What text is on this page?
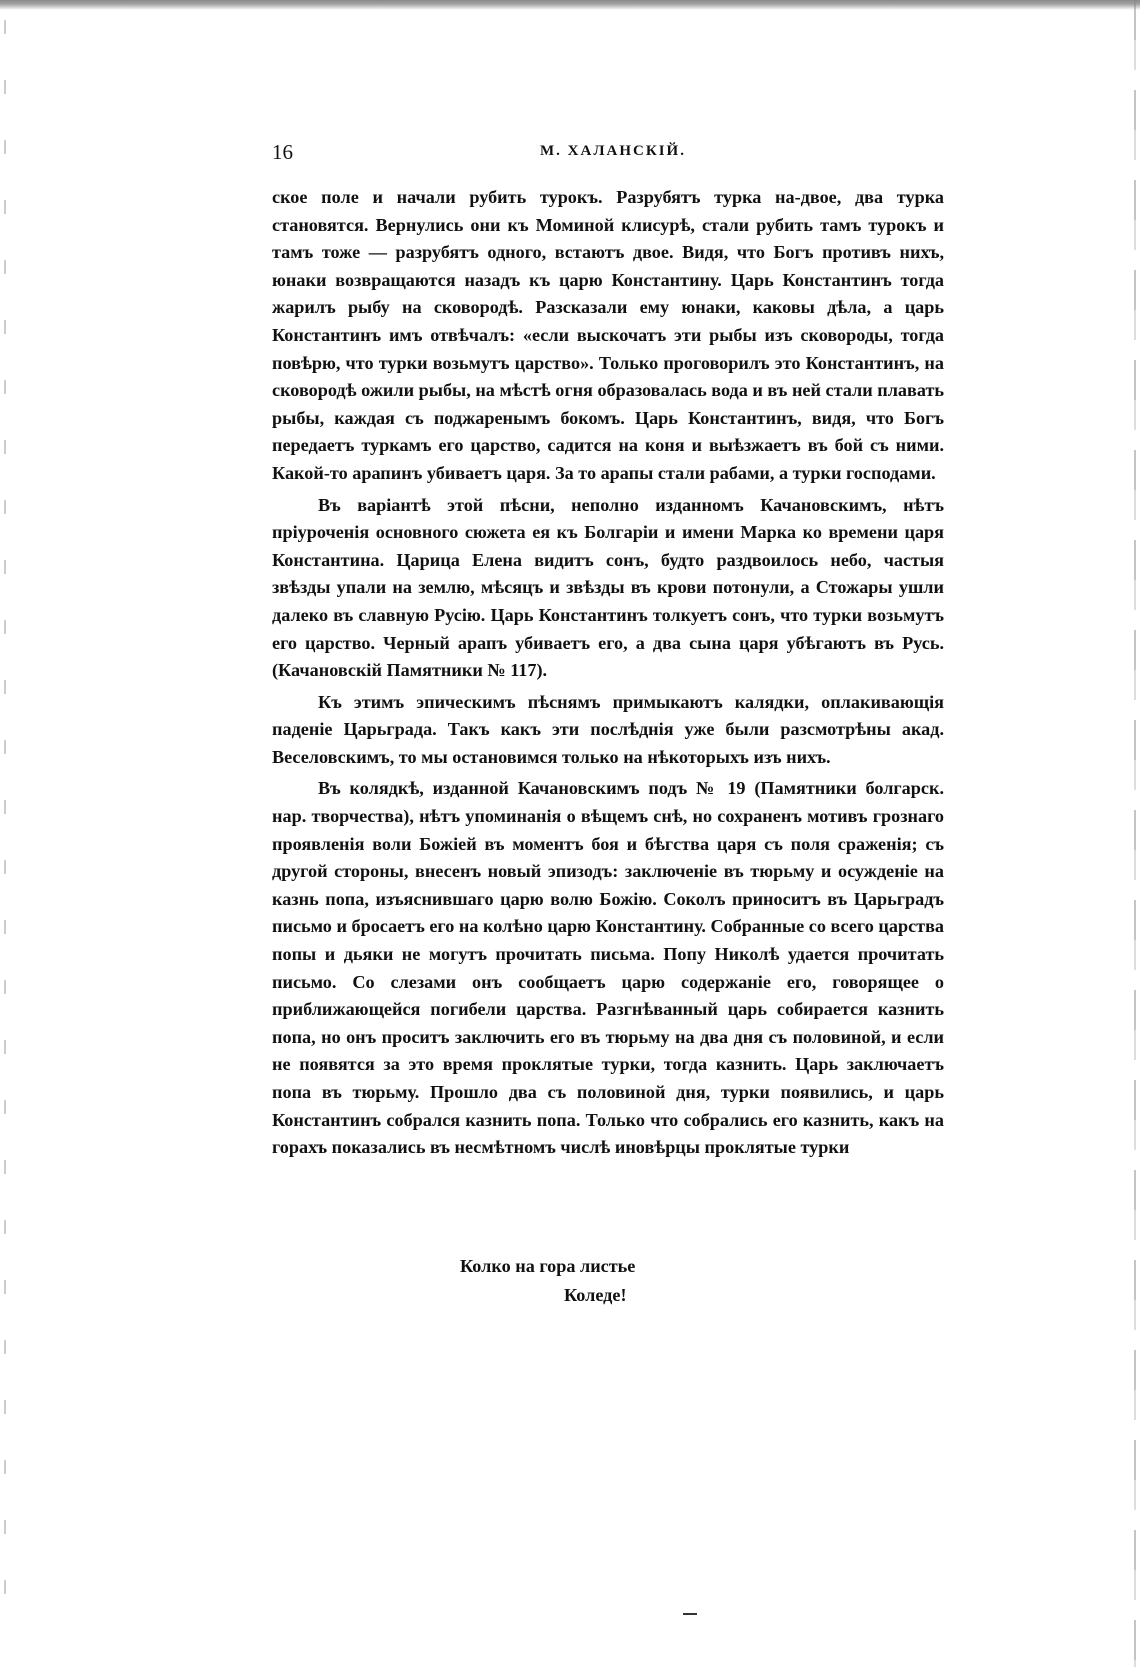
16	М. ХАЛАНСКІЙ.

ское поле и начали рубить турокъ. Разрубятъ турка на-двое, два турка становятся. Вернулись они къ Моминой клисурѣ, стали рубить тамъ турокъ и тамъ тоже — разрубятъ одного, встаютъ двое. Видя, что Богъ противъ нихъ, юнаки возвращаются назадъ къ царю Константину. Царь Константинъ тогда жарилъ рыбу на сковородѣ. Разсказали ему юнаки, каковы дѣла, а царь Константинъ имъ отвѣчалъ: «если выскочатъ эти рыбы изъ сковороды, тогда повѣрю, что турки возьмутъ царство». Только проговорилъ это Константинъ, на сковородѣ ожили рыбы, на мѣстѣ огня образовалась вода и въ ней стали плавать рыбы, каждая съ поджаренымъ бокомъ. Царь Константинъ, видя, что Богъ передаетъ туркамъ его царство, садится на коня и выѣзжаетъ въ бой съ ними. Какой-то арапинъ убиваетъ царя. За то арапы стали рабами, а турки господами.

Въ варіантѣ этой пѣсни, неполно изданномъ Качановскимъ, нѣтъ пріуроченія основного сюжета ея къ Болгаріи и имени Марка ко времени царя Константина. Царица Елена видитъ сонъ, будто раздвоилось небо, частыя звѣзды упали на землю, мѣсяцъ и звѣзды въ крови потонули, а Стожары ушли далеко въ славную Русію. Царь Константинъ толкуетъ сонъ, что турки возьмутъ его царство. Черный арапъ убиваетъ его, а два сына царя убѣгаютъ въ Русь. (Качановскій Памятники № 117).

Къ этимъ эпическимъ пѣснямъ примыкаютъ калядки, оплакивающія паденіе Царьграда. Такъ какъ эти послѣднія уже были разсмотрѣны акад. Веселовскимъ, то мы остановимся только на нѣкоторыхъ изъ нихъ.

Въ колядкѣ, изданной Качановскимъ подъ № 19 (Памятники болгарск. нар. творчества), нѣтъ упоминанія о вѣщемъ снѣ, но сохраненъ мотивъ грознаго проявленія воли Божіей въ моментъ боя и бѣгства царя съ поля сраженія; съ другой стороны, внесенъ новый эпизодъ: заключеніе въ тюрьму и осужденіе на казнь попа, изъяснившаго царю волю Божію. Соколъ приноситъ въ Царьградъ письмо и бросаетъ его на колѣно царю Константину. Собранные со всего царства попы и дьяки не могутъ прочитать письма. Попу Николѣ удается прочитать письмо. Со слезами онъ сообщаетъ царю содержаніе его, говорящее о приближающейся погибели царства. Разгнѣванный царь собирается казнить попа, но онъ проситъ заключить его въ тюрьму на два дня съ половиной, и если не появятся за это время проклятые турки, тогда казнить. Царь заключаетъ попа въ тюрьму. Прошло два съ половиной дня, турки появились, и царь Константинъ собрался казнить попа. Только что собрались его казнить, какъ на горахъ показались въ несмѣтномъ числѣ иновѣрцы проклятые турки

Колко на гора листье
Коледе!
